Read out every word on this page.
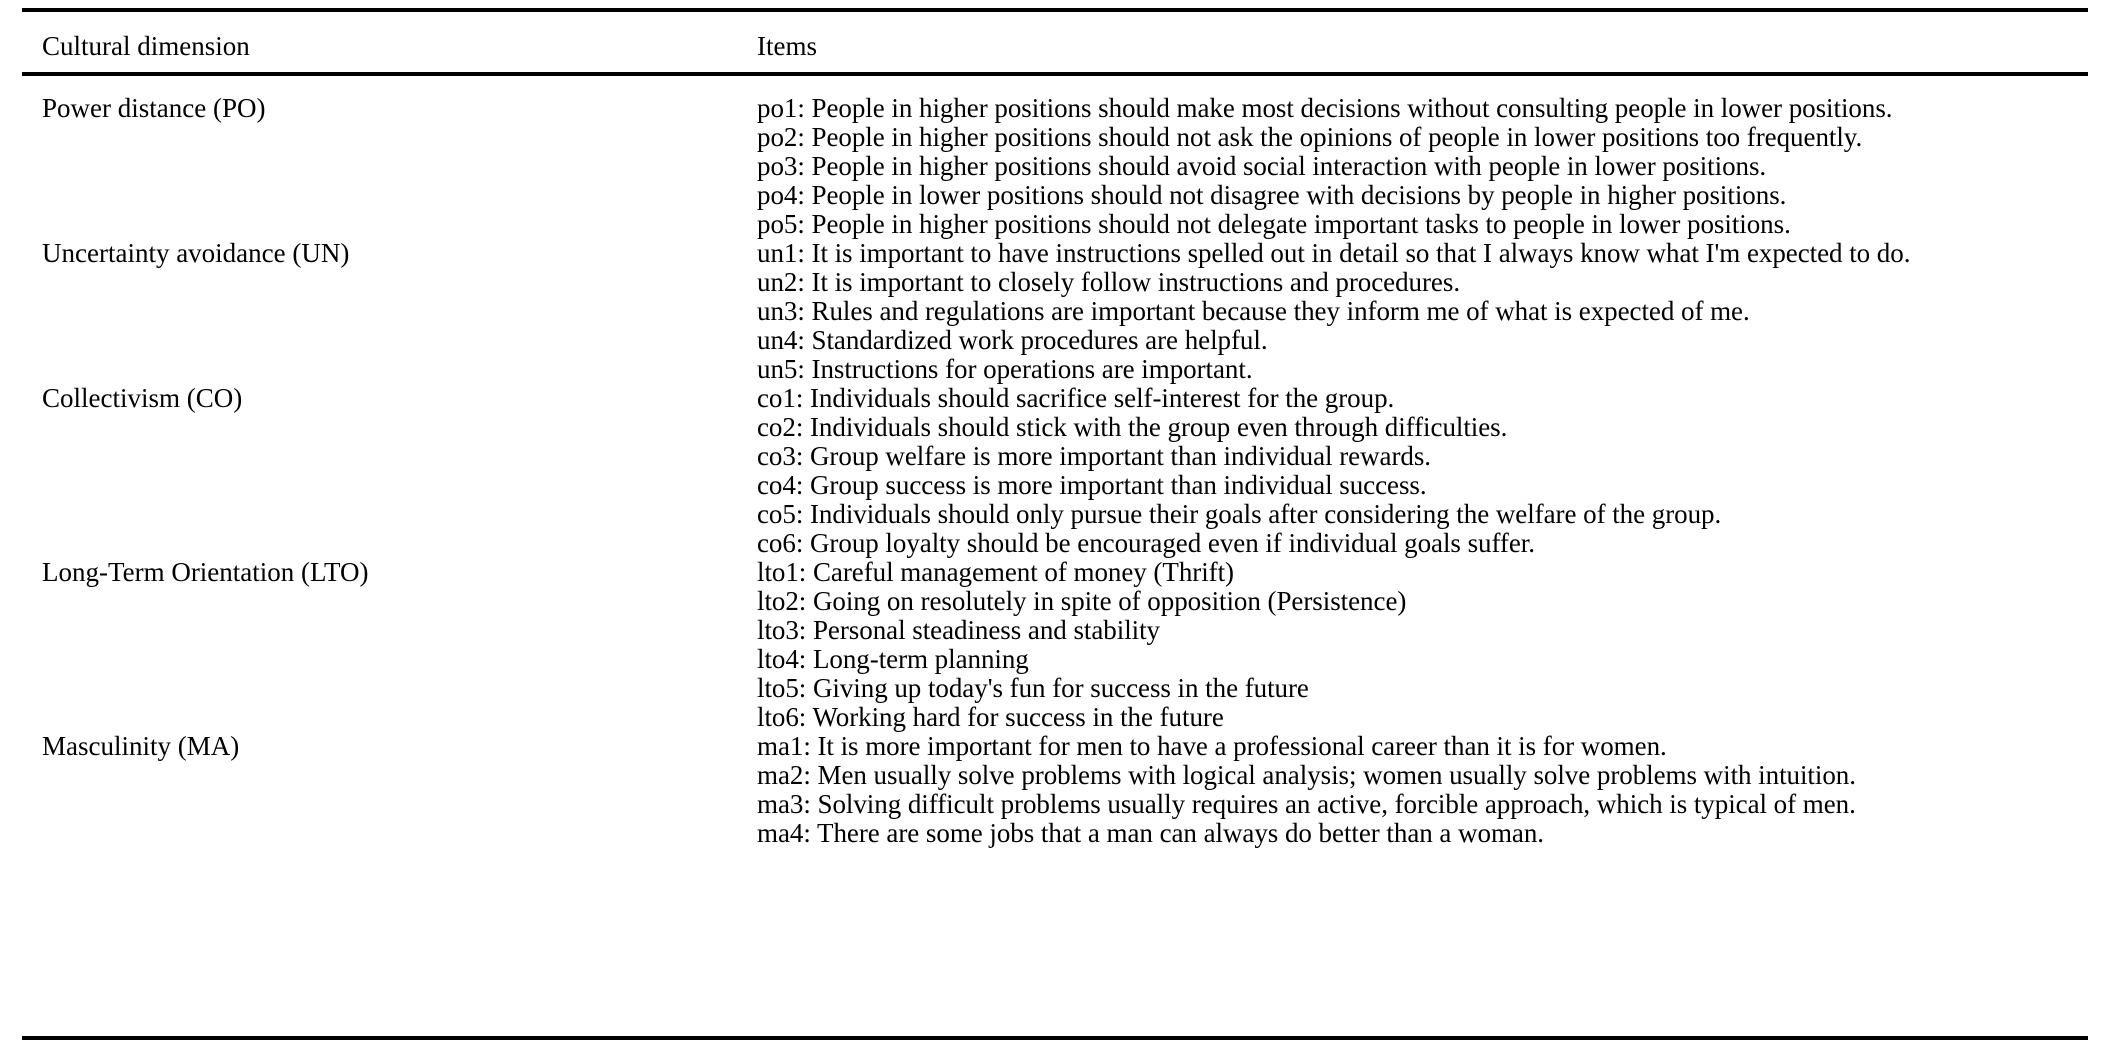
Cultural dimension	Items
Power distance (PO)	po1: People in higher positions should make most decisions without consulting people in lower positions.
po2: People in higher positions should not ask the opinions of people in lower positions too frequently.
po3: People in higher positions should avoid social interaction with people in lower positions.
po4: People in lower positions should not disagree with decisions by people in higher positions.
po5: People in higher positions should not delegate important tasks to people in lower positions.
Uncertainty avoidance (UN)	un1: It is important to have instructions spelled out in detail so that I always know what I'm expected to do.
un2: It is important to closely follow instructions and procedures.
un3: Rules and regulations are important because they inform me of what is expected of me.
un4: Standardized work procedures are helpful.
un5: Instructions for operations are important.
Collectivism (CO)	co1: Individuals should sacrifice self-interest for the group.
co2: Individuals should stick with the group even through difficulties.
co3: Group welfare is more important than individual rewards.
co4: Group success is more important than individual success.
co5: Individuals should only pursue their goals after considering the welfare of the group.
co6: Group loyalty should be encouraged even if individual goals suffer.
Long-Term Orientation (LTO)	lto1: Careful management of money (Thrift)
lto2: Going on resolutely in spite of opposition (Persistence)
lto3: Personal steadiness and stability
lto4: Long-term planning
lto5: Giving up today's fun for success in the future
lto6: Working hard for success in the future
Masculinity (MA)	ma1: It is more important for men to have a professional career than it is for women.
ma2: Men usually solve problems with logical analysis; women usually solve problems with intuition.
ma3: Solving difficult problems usually requires an active, forcible approach, which is typical of men.
ma4: There are some jobs that a man can always do better than a woman.
